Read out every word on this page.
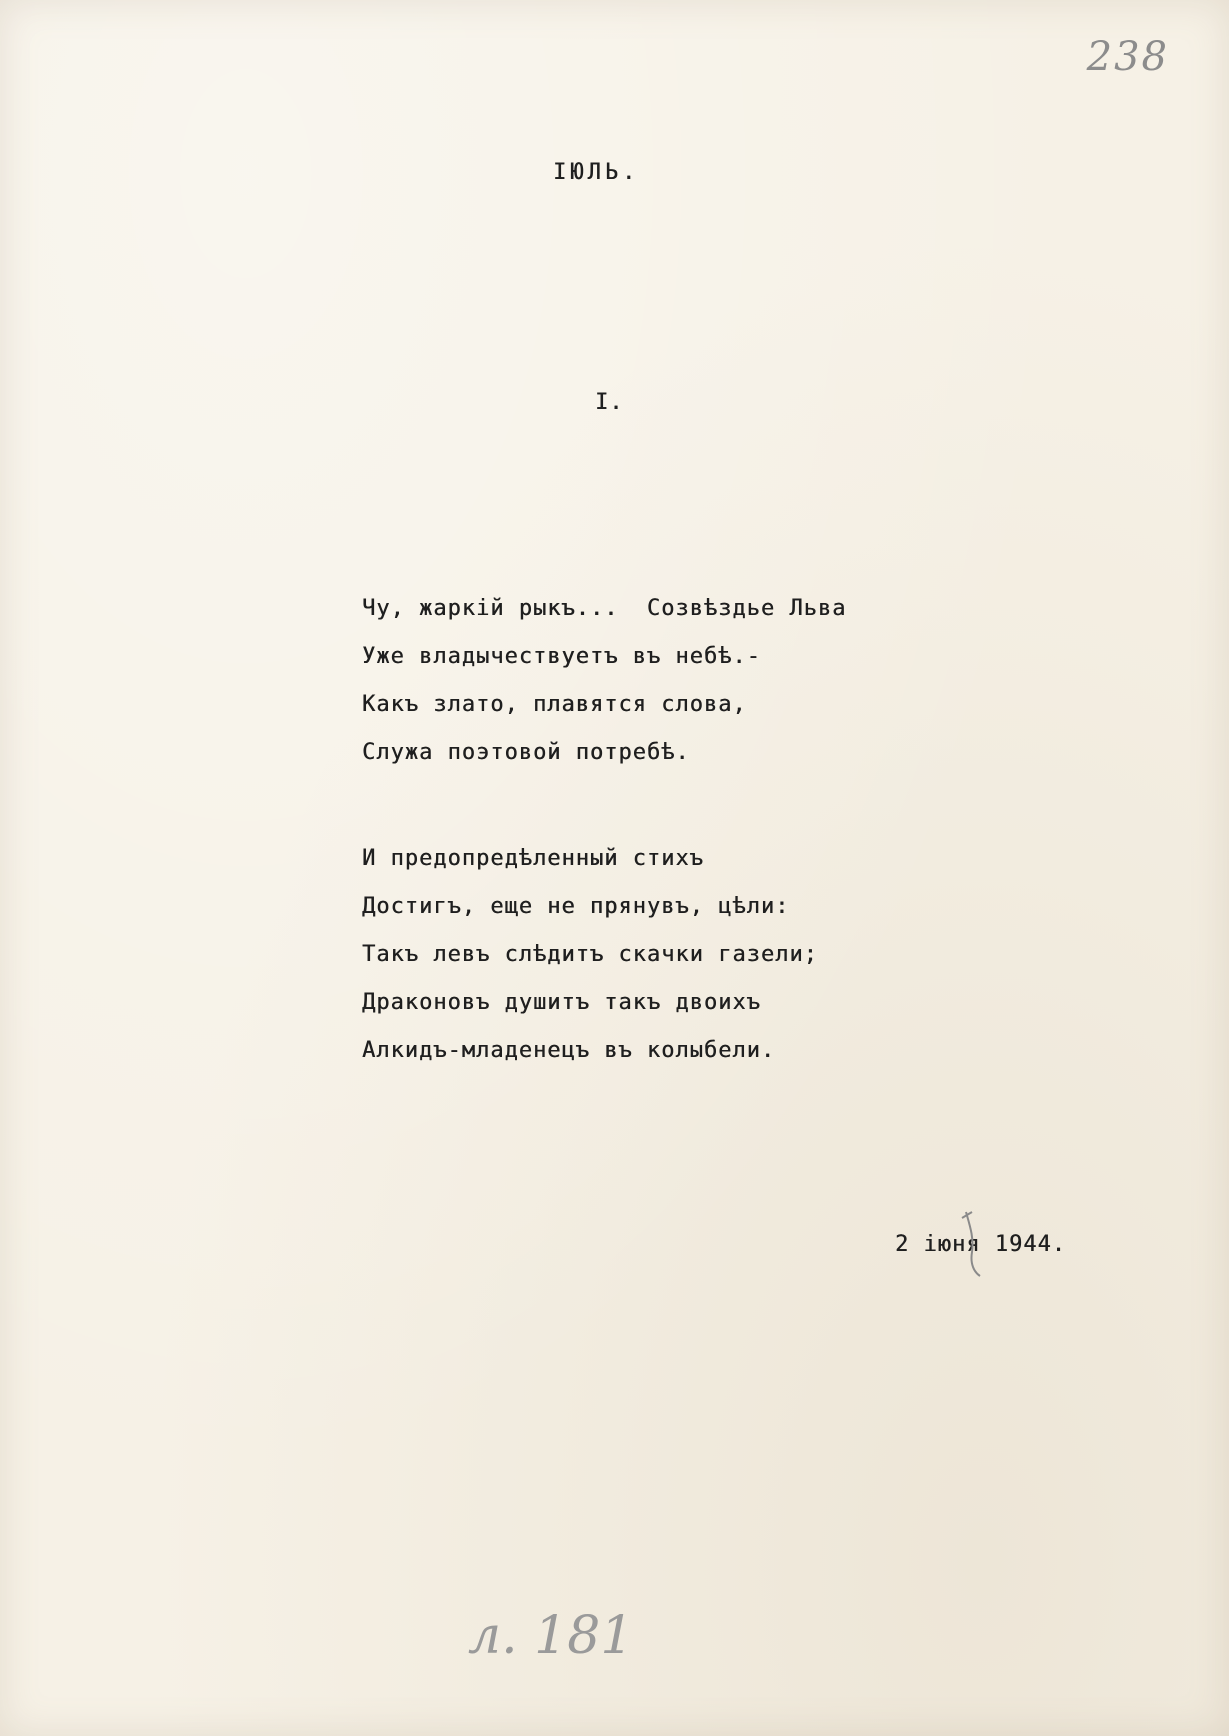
238
ІЮЛЬ.
I.
Чу, жаркій рыкъ...  Созвѣздье Льва
Уже владычествуетъ въ небѣ.-
Какъ злато, плавятся слова,
Служа поэтовой потребѣ.
И предопредѣленный стихъ
Достигъ, еще не прянувъ, цѣли:
Такъ левъ слѣдитъ скачки газели;
Драконовъ душитъ такъ двоихъ
Алкидъ-младенецъ въ колыбели.
2 іюня 1944.
л. 181
